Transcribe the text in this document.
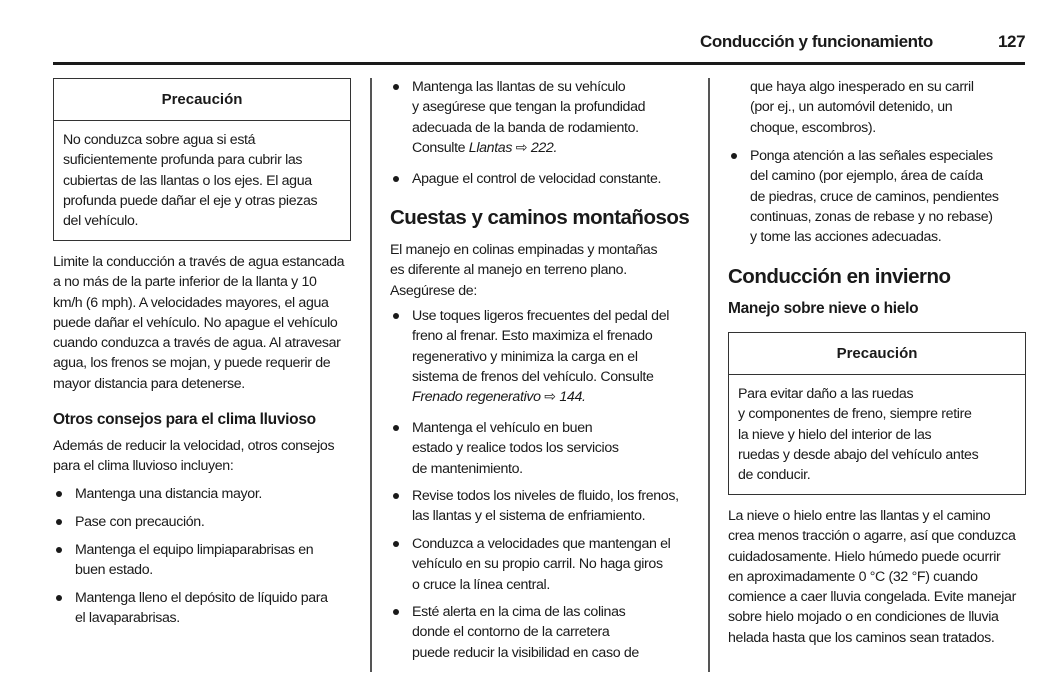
Conducción y funcionamiento	127
Precaución
No conduzca sobre agua si está
suficientemente profunda para cubrir las
cubiertas de las llantas o los ejes. El agua
profunda puede dañar el eje y otras piezas
del vehículo.
Limite la conducción a través de agua estancada
a no más de la parte inferior de la llanta y 10
km/h (6 mph). A velocidades mayores, el agua
puede dañar el vehículo. No apague el vehículo
cuando conduzca a través de agua. Al atravesar
agua, los frenos se mojan, y puede requerir de
mayor distancia para detenerse.
Otros consejos para el clima lluvioso
Además de reducir la velocidad, otros consejos
para el clima lluvioso incluyen:
Mantenga una distancia mayor.
Pase con precaución.
Mantenga el equipo limpiaparabrisas en
buen estado.
Mantenga lleno el depósito de líquido para
el lavaparabrisas.
Mantenga las llantas de su vehículo
y asegúrese que tengan la profundidad
adecuada de la banda de rodamiento.
Consulte Llantas ⇨ 222.
Apague el control de velocidad constante.
Cuestas y caminos montañosos
El manejo en colinas empinadas y montañas
es diferente al manejo en terreno plano.
Asegúrese de:
Use toques ligeros frecuentes del pedal del
freno al frenar. Esto maximiza el frenado
regenerativo y minimiza la carga en el
sistema de frenos del vehículo. Consulte
Frenado regenerativo ⇨ 144.
Mantenga el vehículo en buen
estado y realice todos los servicios
de mantenimiento.
Revise todos los niveles de fluido, los frenos,
las llantas y el sistema de enfriamiento.
Conduzca a velocidades que mantengan el
vehículo en su propio carril. No haga giros
o cruce la línea central.
Esté alerta en la cima de las colinas
donde el contorno de la carretera
puede reducir la visibilidad en caso de
que haya algo inesperado en su carril
(por ej., un automóvil detenido, un
choque, escombros).
Ponga atención a las señales especiales
del camino (por ejemplo, área de caída
de piedras, cruce de caminos, pendientes
continuas, zonas de rebase y no rebase)
y tome las acciones adecuadas.
Conducción en invierno
Manejo sobre nieve o hielo
Precaución
Para evitar daño a las ruedas
y componentes de freno, siempre retire
la nieve y hielo del interior de las
ruedas y desde abajo del vehículo antes
de conducir.
La nieve o hielo entre las llantas y el camino
crea menos tracción o agarre, así que conduzca
cuidadosamente. Hielo húmedo puede ocurrir
en aproximadamente 0 °C (32 °F) cuando
comience a caer lluvia congelada. Evite manejar
sobre hielo mojado o en condiciones de lluvia
helada hasta que los caminos sean tratados.
